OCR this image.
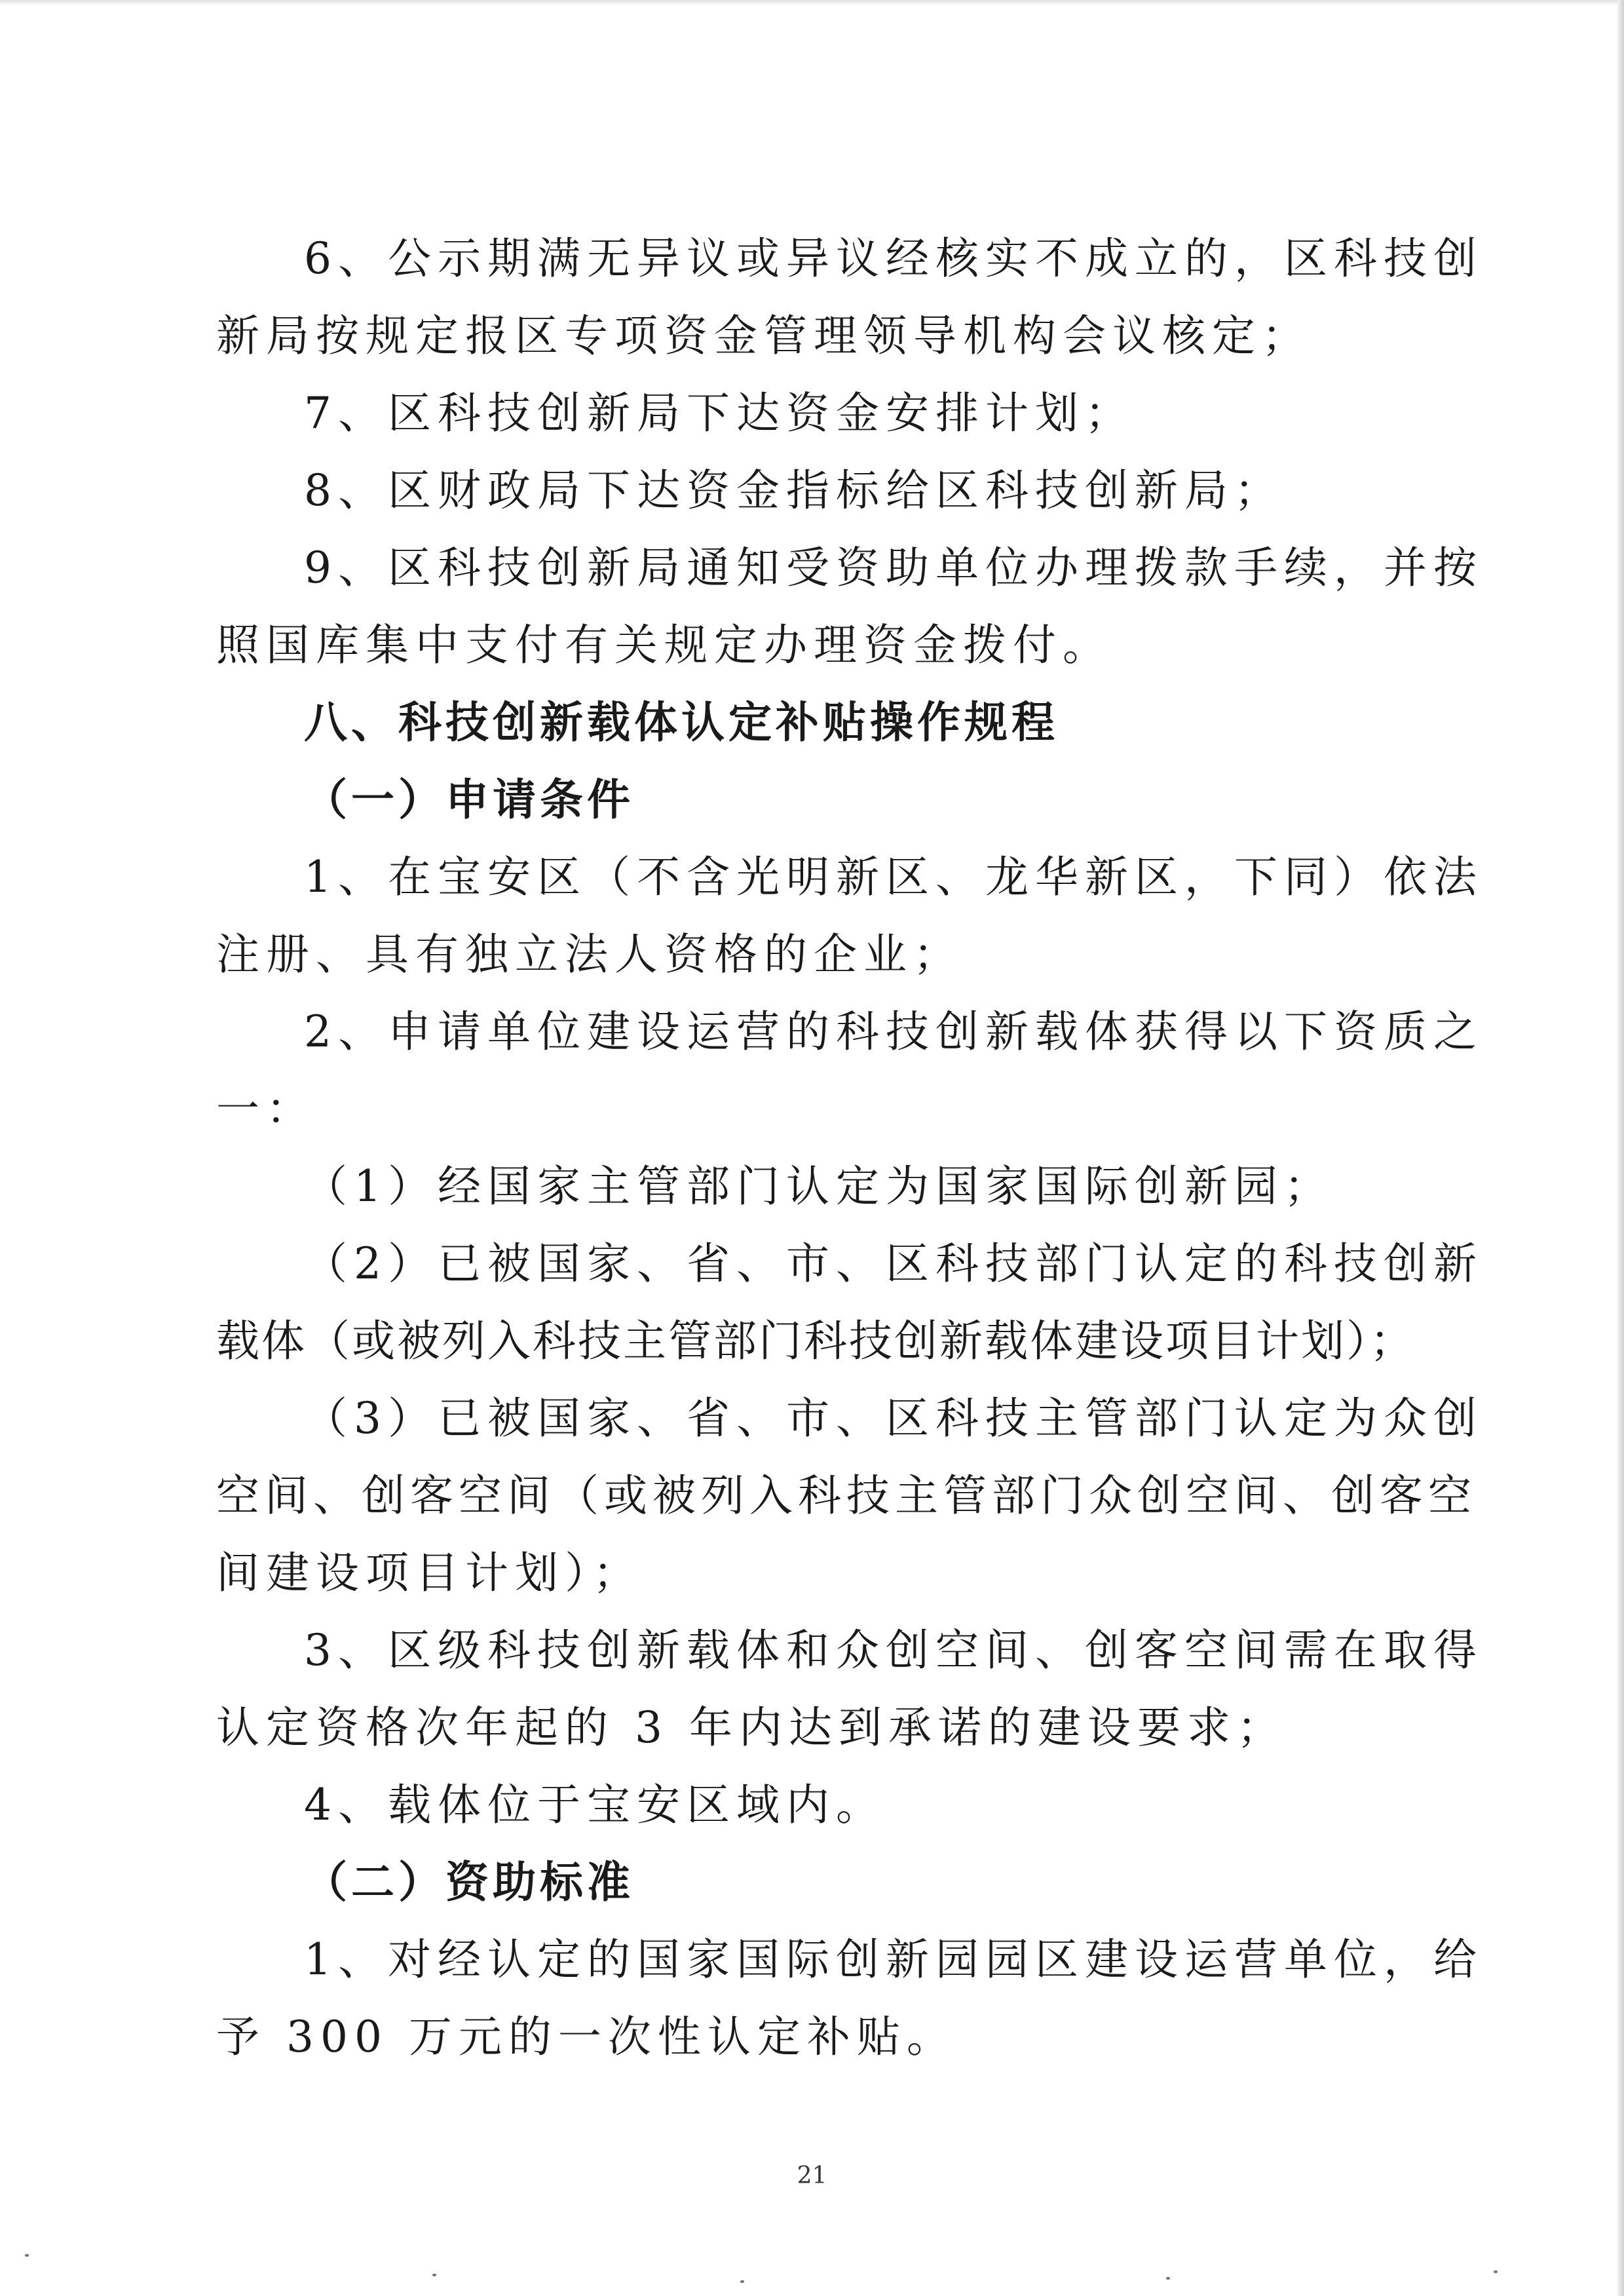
6、公示期满无异议或异议经核实不成立的，区科技创
新局按规定报区专项资金管理领导机构会议核定；
7、区科技创新局下达资金安排计划；
8、区财政局下达资金指标给区科技创新局；
9、区科技创新局通知受资助单位办理拨款手续，并按
照国库集中支付有关规定办理资金拨付。
八、科技创新载体认定补贴操作规程
（一）申请条件
1、在宝安区（不含光明新区、龙华新区，下同）依法
注册、具有独立法人资格的企业；
2、申请单位建设运营的科技创新载体获得以下资质之
一：
（1）经国家主管部门认定为国家国际创新园；
（2）已被国家、省、市、区科技部门认定的科技创新
载体（或被列入科技主管部门科技创新载体建设项目计划）；
（3）已被国家、省、市、区科技主管部门认定为众创
空间、创客空间（或被列入科技主管部门众创空间、创客空
间建设项目计划）；
3、区级科技创新载体和众创空间、创客空间需在取得
认定资格次年起的 3 年内达到承诺的建设要求；
4、载体位于宝安区域内。
（二）资助标准
1、对经认定的国家国际创新园园区建设运营单位，给
予 300 万元的一次性认定补贴。
21
